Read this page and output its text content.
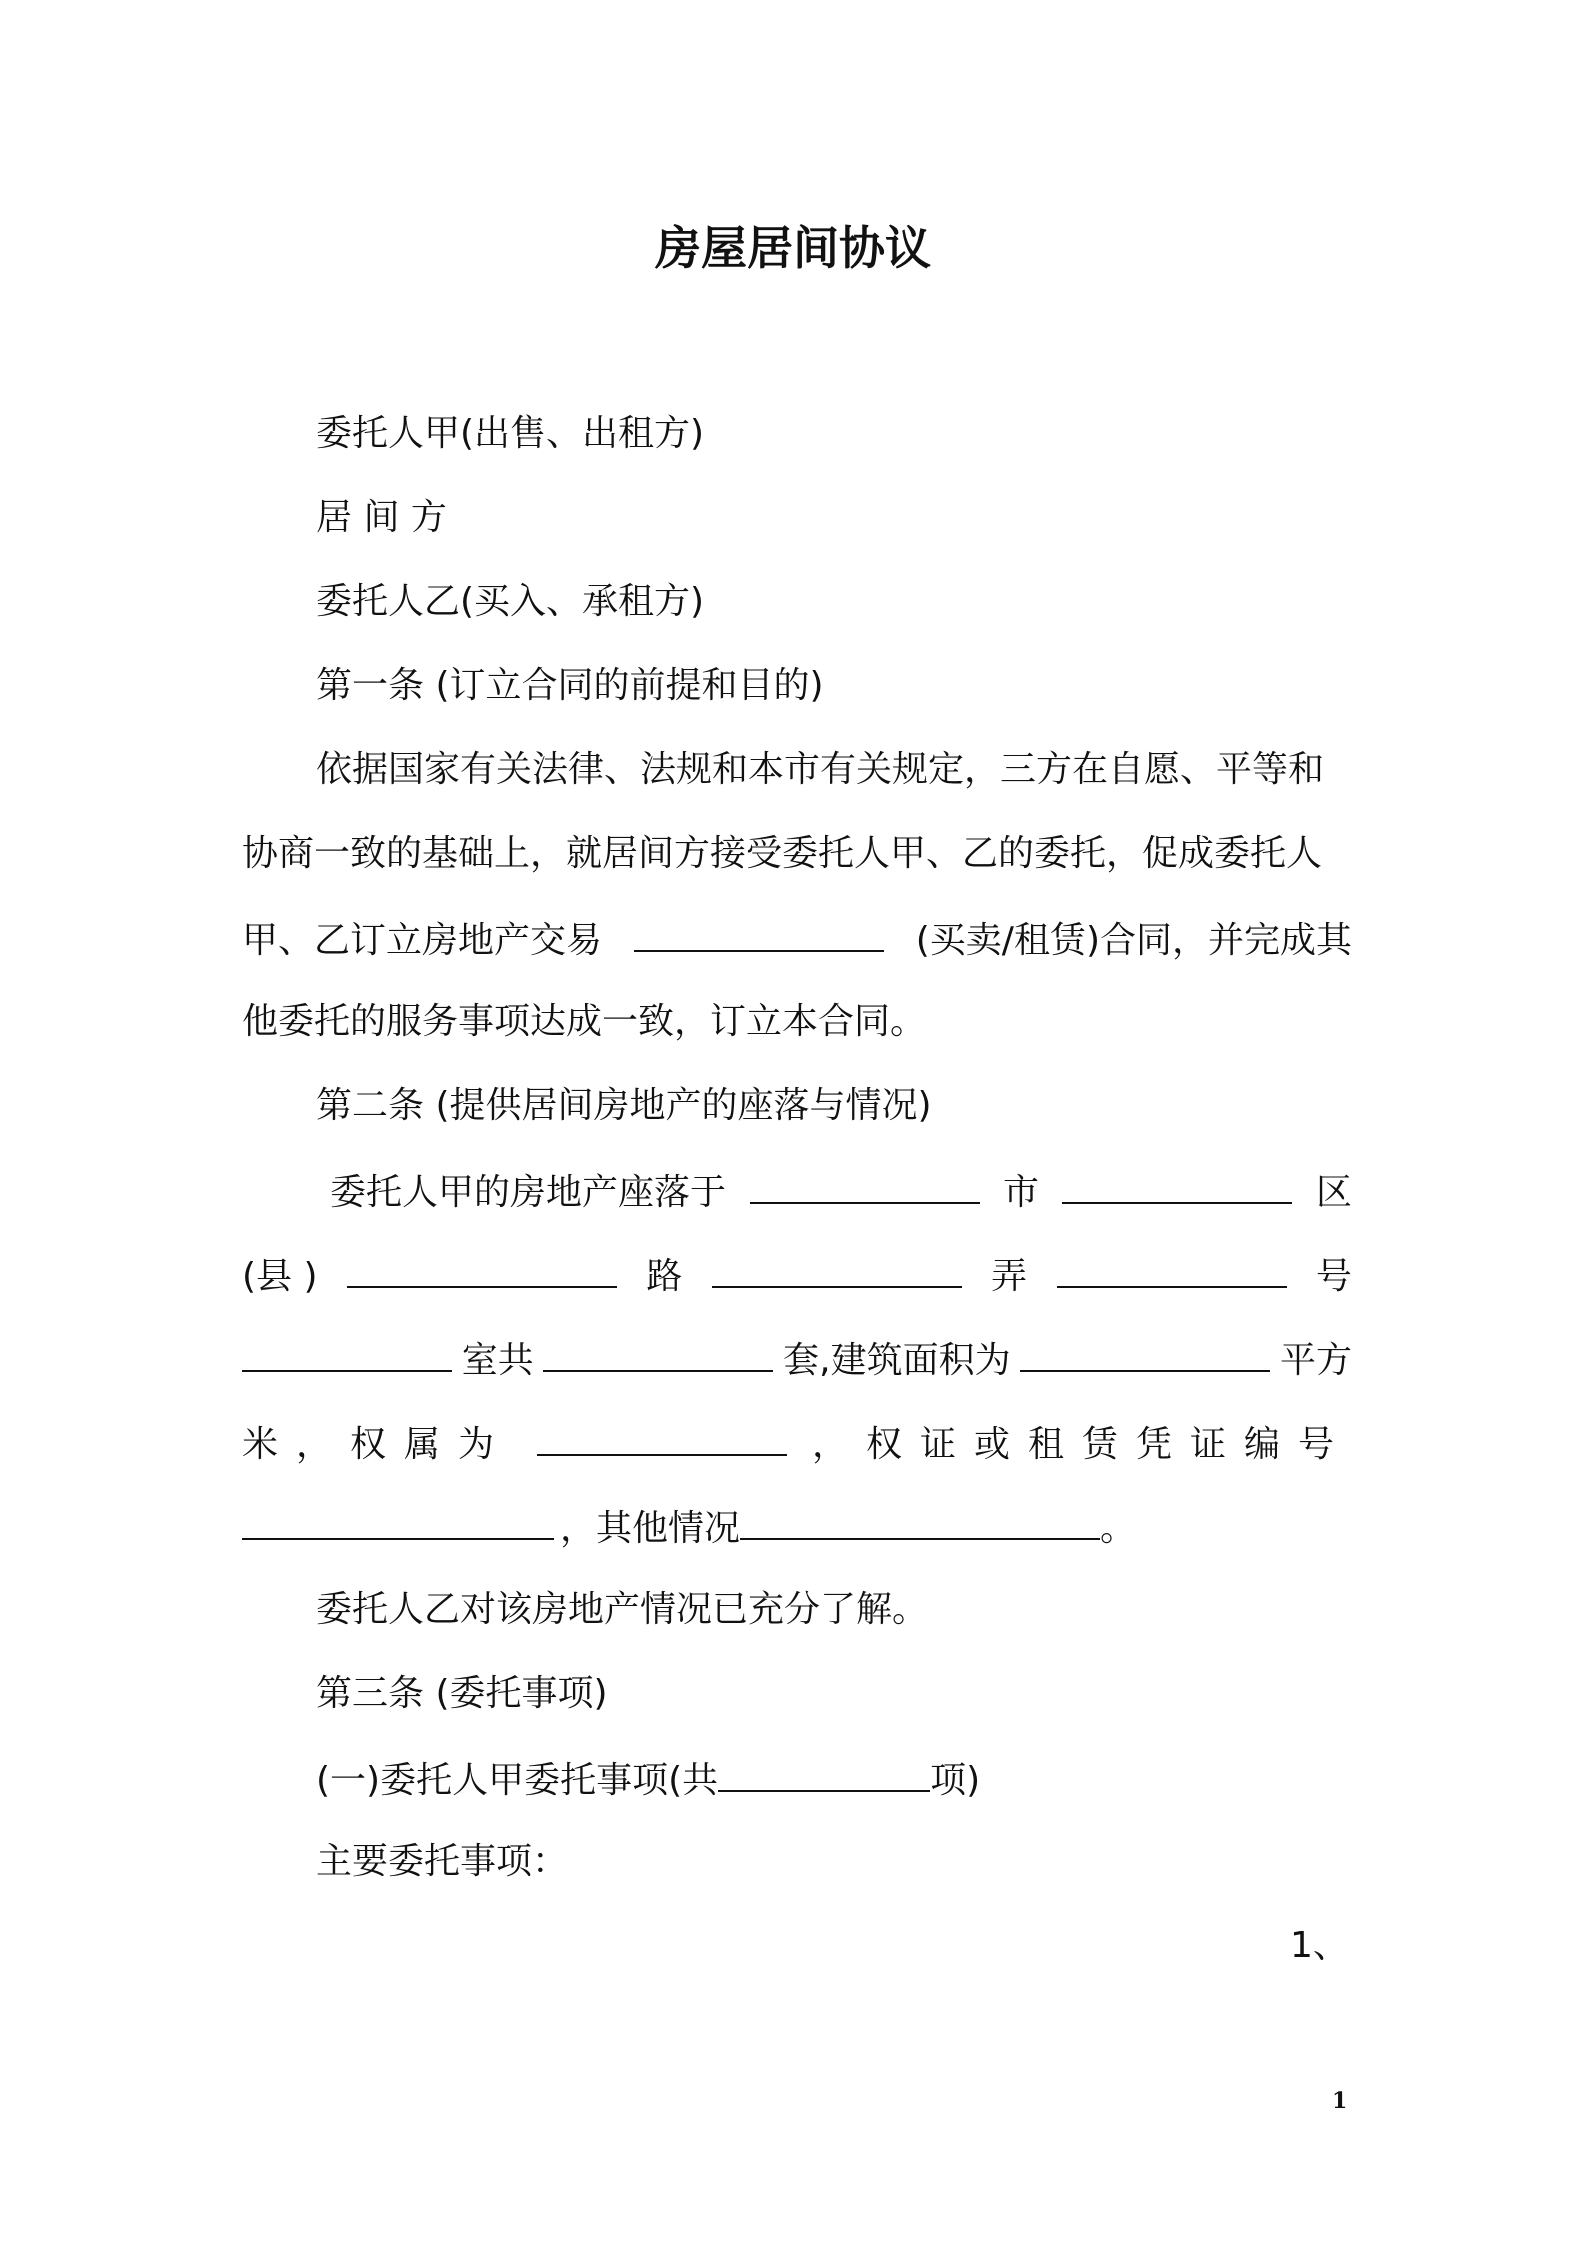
房屋居间协议
委托人甲(出售、出租方)
居 间 方
委托人乙(买入、承租方)
第一条 (订立合同的前提和目的)
依据国家有关法律、法规和本市有关规定，三方在自愿、平等和
协商一致的基础上，就居间方接受委托人甲、乙的委托，促成委托人
甲、乙订立房地产交易	(买卖/租赁)合同，并完成其
他委托的服务事项达成一致，订立本合同。
第二条 (提供居间房地产的座落与情况)
委托人甲的房地产座落于	市	区
(县 )	路	弄	号
室共	套,建筑面积为	平方
米，权属为	，权证或租赁凭证编号
，其他情况	。
委托人乙对该房地产情况已充分了解。
第三条 (委托事项)
(一)委托人甲委托事项(共	项)
主要委托事项：
1、
1
